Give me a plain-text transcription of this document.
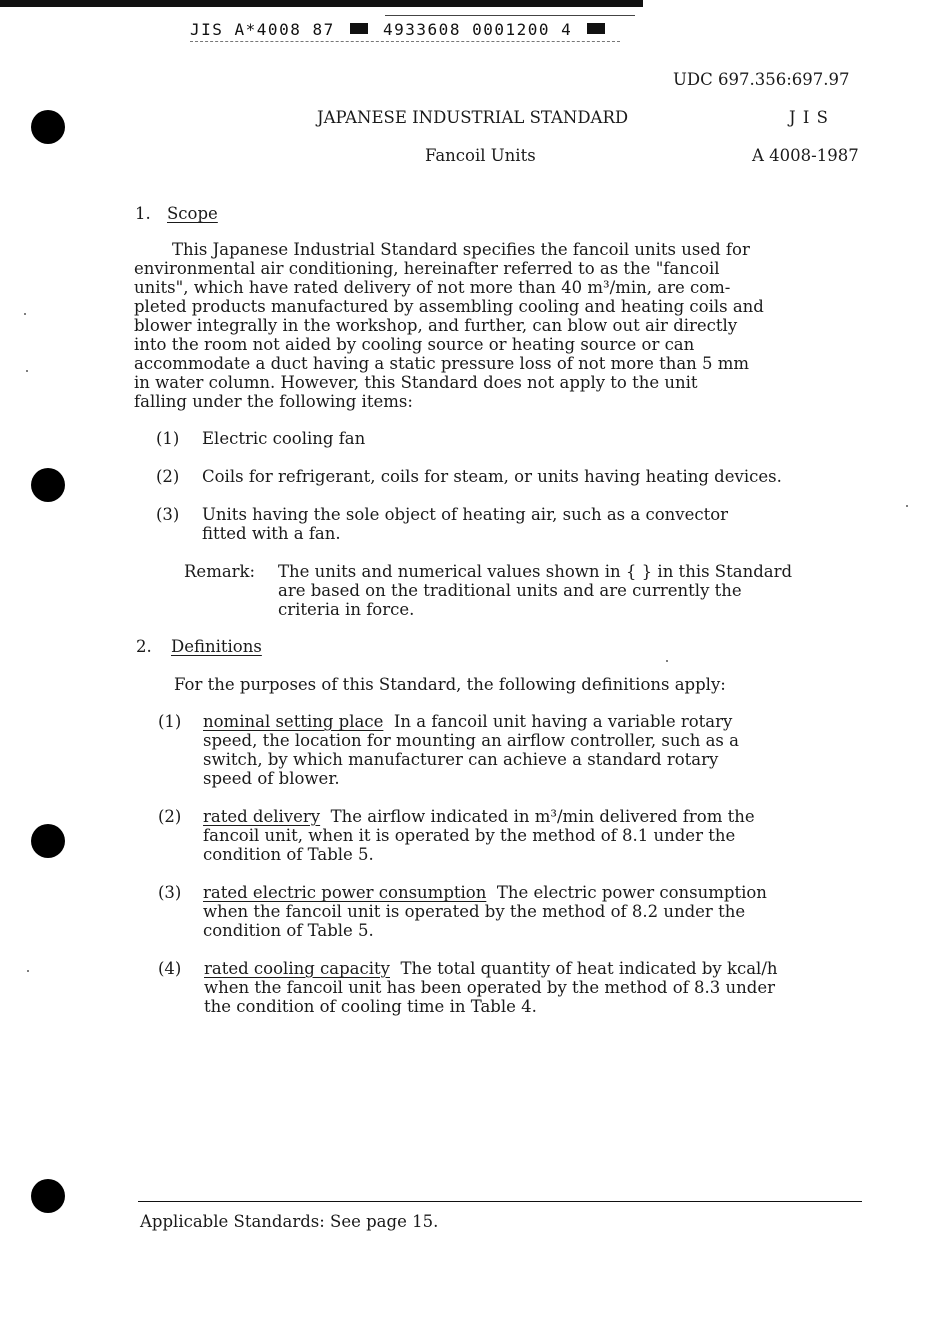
JIS A*4008 87	4933608 0001200 4
UDC 697.356:697.97
JAPANESE INDUSTRIAL STANDARD	J I S
Fancoil Units	A 4008-1987
1. Scope
This Japanese Industrial Standard specifies the fancoil units used for
environmental air conditioning, hereinafter referred to as the "fancoil
units", which have rated delivery of not more than 40 m³/min, are com-
pleted products manufactured by assembling cooling and heating coils and
blower integrally in the workshop, and further, can blow out air directly
into the room not aided by cooling source or heating source or can
accommodate a duct having a static pressure loss of not more than 5 mm
in water column. However, this Standard does not apply to the unit
falling under the following items:
(1) Electric cooling fan
(2) Coils for refrigerant, coils for steam, or units having heating devices.
(3) Units having the sole object of heating air, such as a convector
fitted with a fan.
Remark: The units and numerical values shown in { } in this Standard
are based on the traditional units and are currently the
criteria in force.
2. Definitions
For the purposes of this Standard, the following definitions apply:
(1) nominal setting place  In a fancoil unit having a variable rotary
speed, the location for mounting an airflow controller, such as a
switch, by which manufacturer can achieve a standard rotary
speed of blower.
(2) rated delivery  The airflow indicated in m³/min delivered from the
fancoil unit, when it is operated by the method of 8.1 under the
condition of Table 5.
(3) rated electric power consumption  The electric power consumption
when the fancoil unit is operated by the method of 8.2 under the
condition of Table 5.
(4) rated cooling capacity  The total quantity of heat indicated by kcal/h
when the fancoil unit has been operated by the method of 8.3 under
the condition of cooling time in Table 4.
Applicable Standards: See page 15.
